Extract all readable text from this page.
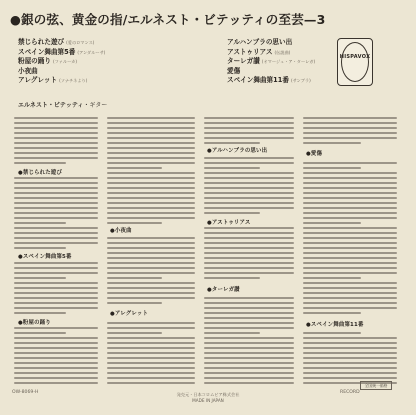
●銀の弦、黄金の指/エルネスト・ビテッティの至芸—3
禁じられた遊び (愛のロマンス)
スペイン舞曲第5番 (アンダルーサ)
粉屋の踊り (ファルーカ)
小夜曲
アレグレット (ソナチネより)
アルハンブラの思い出
アストゥリアス (伝説曲)
ターレガ讃 (オマージュ・ア・ターレガ)
愛傷
スペイン舞曲第11番 (サンブラ)
エルネスト・ビテッティ・ギター
HISPAVOX
●禁じられた遊び
●スペイン舞曲第5番
●粉屋の踊り
●小夜曲
●アレグレット
●アルハンブラの思い出
●アストゥリアス
●ターレガ讃
●愛傷
●スペイン舞曲第11番
OW-8069-H	発売元・日本コロムビア株式会社
MADE IN JAPAN
全国統一価格
RECORD
